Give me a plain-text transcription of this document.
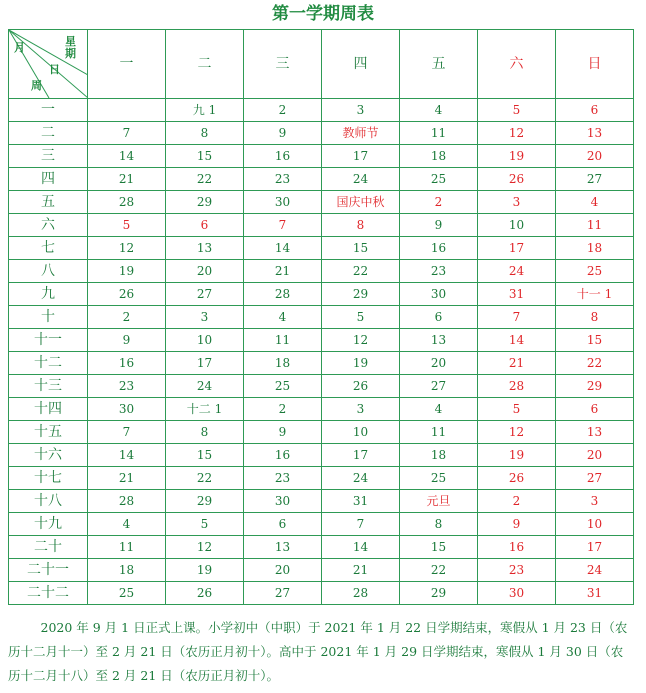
第一学期周表
月 星
期
日
周	一	二	三	四	五	六	日
一		九 1	2	3	4	5	6
二	7	8	9	教师节	11	12	13
三	14	15	16	17	18	19	20
四	21	22	23	24	25	26	27
五	28	29	30	国庆中秋	2	3	4
六	5	6	7	8	9	10	11
七	12	13	14	15	16	17	18
八	19	20	21	22	23	24	25
九	26	27	28	29	30	31	十一 1
十	2	3	4	5	6	7	8
十一	9	10	11	12	13	14	15
十二	16	17	18	19	20	21	22
十三	23	24	25	26	27	28	29
十四	30	十二 1	2	3	4	5	6
十五	7	8	9	10	11	12	13
十六	14	15	16	17	18	19	20
十七	21	22	23	24	25	26	27
十八	28	29	30	31	元旦	2	3
十九	4	5	6	7	8	9	10
二十	11	12	13	14	15	16	17
二十一	18	19	20	21	22	23	24
二十二	25	26	27	28	29	30	31
2020 年 9 月 1 日正式上课。小学初中（中职）于 2021 年 1 月 22 日学期结束，寒假从 1 月 23 日（农历十二月十一）至 2 月 21 日（农历正月初十）。高中于 2021 年 1 月 29 日学期结束，寒假从 1 月 30 日（农历十二月十八）至 2 月 21 日（农历正月初十）。
